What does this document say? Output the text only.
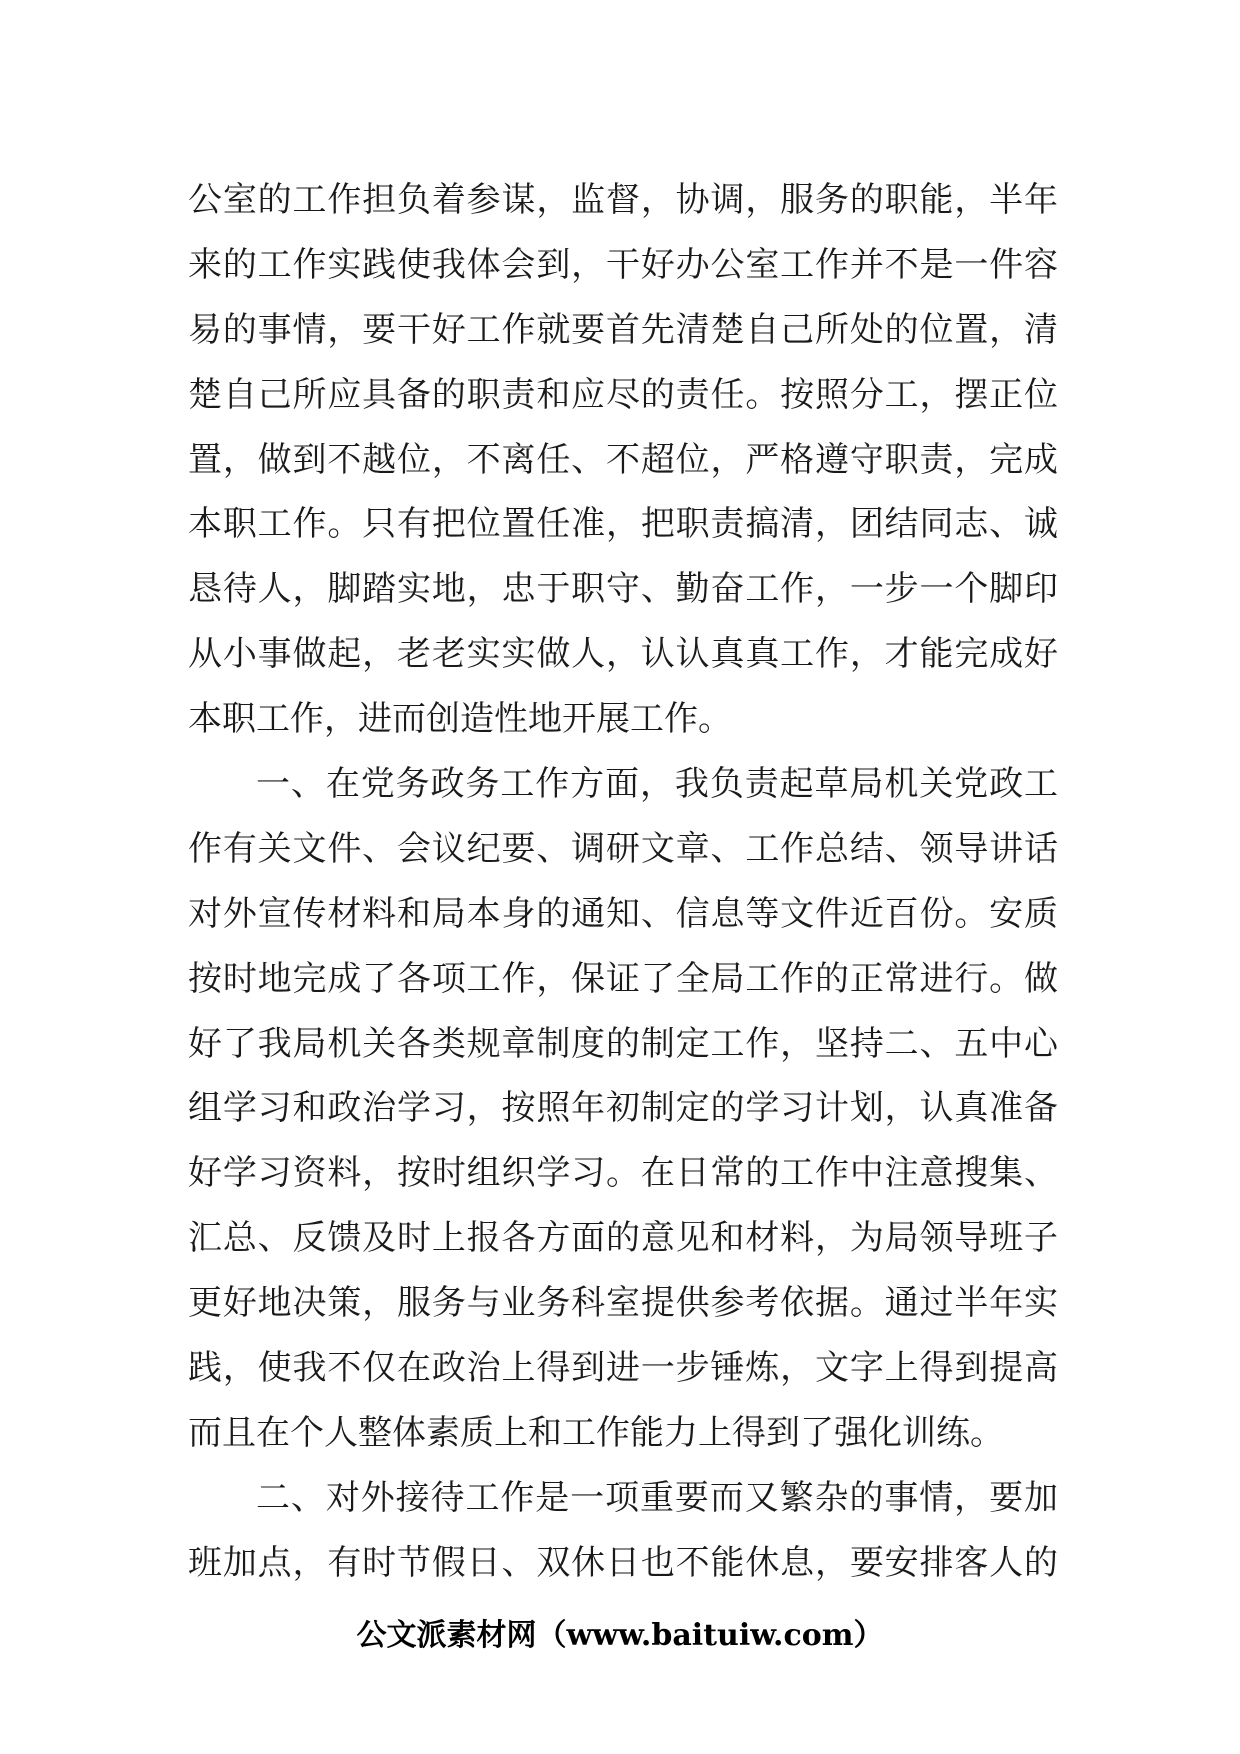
公室的工作担负着参谋，监督，协调，服务的职能，半年
来的工作实践使我体会到，干好办公室工作并不是一件容
易的事情，要干好工作就要首先清楚自己所处的位置，清
楚自己所应具备的职责和应尽的责任。按照分工，摆正位
置，做到不越位，不离任、不超位，严格遵守职责，完成
本职工作。只有把位置任准，把职责搞清，团结同志、诚
恳待人，脚踏实地，忠于职守、勤奋工作，一步一个脚印
从小事做起，老老实实做人，认认真真工作，才能完成好
本职工作，进而创造性地开展工作。
一、在党务政务工作方面，我负责起草局机关党政工
作有关文件、会议纪要、调研文章、工作总结、领导讲话
对外宣传材料和局本身的通知、信息等文件近百份。安质
按时地完成了各项工作，保证了全局工作的正常进行。做
好了我局机关各类规章制度的制定工作，坚持二、五中心
组学习和政治学习，按照年初制定的学习计划，认真准备
好学习资料，按时组织学习。在日常的工作中注意搜集、
汇总、反馈及时上报各方面的意见和材料，为局领导班子
更好地决策，服务与业务科室提供参考依据。通过半年实
践，使我不仅在政治上得到进一步锤炼，文字上得到提高
而且在个人整体素质上和工作能力上得到了强化训练。
二、对外接待工作是一项重要而又繁杂的事情，要加
班加点，有时节假日、双休日也不能休息，要安排客人的
公文派素材网（www.baituiw.com）
